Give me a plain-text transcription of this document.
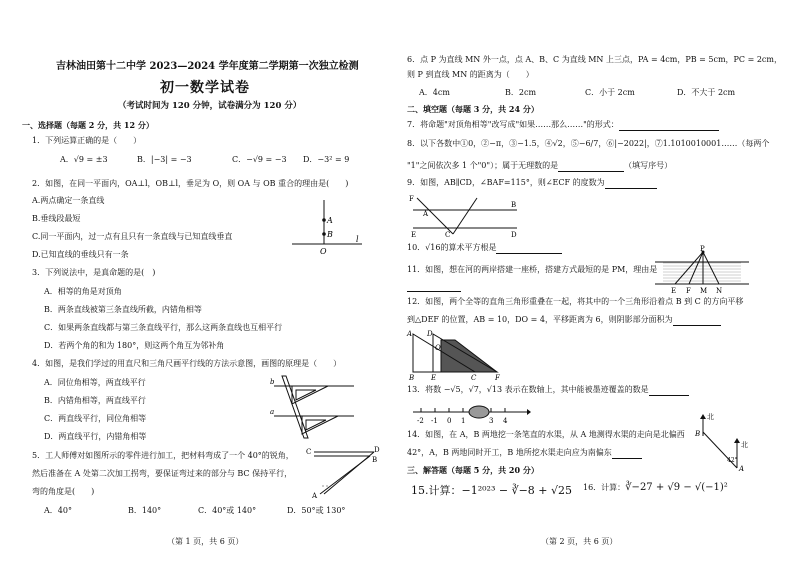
吉林油田第十二中学 2023—2024 学年度第二学期第一次独立检测
初一数学试卷
（考试时间为 120 分钟，试卷满分为 120 分）
一、选择题（每题 2 分，共 12 分）
1．下列运算正确的是（　　）
A．√9 = ±3	B．|−3| = −3	C．−√9 = −3 D．−3² = 9
2．如图，在同一平面内，OA⊥l，OB⊥l，垂足为 O，则 OA 与 OB 重合的理由是(　　)
A.两点确定一条直线
B.垂线段最短
C.同一平面内，过一点有且只有一条直线与已知直线垂直
D.已知直线的垂线只有一条
A
B
O
l
3．下列说法中，是真命题的是(　)
A．相等的角是对顶角
B．两条直线被第三条直线所截，内错角相等
C．如果两条直线都与第三条直线平行，那么这两条直线也互相平行
D．若两个角的和为 180°，则这两个角互为邻补角
4．如图，是我们学过的用直尺和三角尺画平行线的方法示意图，画图的原理是（　　）
A．同位角相等，两直线平行
B．内错角相等，两直线平行
C．两直线平行，同位角相等
D．两直线平行，内错角相等
b
a
5．工人师傅对如图所示的零件进行加工，把材料弯成了一个 40°的锐角，
然后准备在 A 处第二次加工拐弯，要保证弯过来的部分与 BC 保持平行，
弯的角度是(　　)
A．40°	B．140°	C．40°或 140°	D．50°或 130°
C	D
B
A
（第 1 页，共 6 页）
6．点 P 为直线 MN 外一点，点 A、B、C 为直线 MN 上三点，PA = 4cm，PB = 5cm，PC = 2cm，
则 P 到直线 MN 的距离为（　　）
A．4cm	B．2cm	C．小于 2cm	D．不大于 2cm
二、填空题（每题 3 分，共 24 分）
7．将命题"对顶角相等"改写成"如果……那么……"的形式：
8．以下各数中①0，②−π，③−1.5，④√2，⑤−6/7，⑥|−2022|，⑦1.1010010001……（每两个
"1"之间依次多 1 个"0"）；属于无理数的是	（填写序号）
9．如图，AB∥CD，∠BAF=115°，则∠ECF 的度数为
F
A
B
C	D
E
10．√16的算术平方根是
11．如图，想在河的两岸搭建一座桥，搭建方式最短的是 PM，理由是

P
E F M N
12．如图，两个全等的直角三角形重叠在一起，将其中的一个三角形沿着点 B 到 C 的方向平移
到△DEF 的位置，AB = 10，DO = 4，平移距离为 6，则阴影部分面积为
A D
O
B E	C	F
13．将数 −√5，√7，√13 表示在数轴上，其中能被墨迹覆盖的数是
-2 -1 0 1	3 4
14．如图，在 A，B 两地挖一条笔直的水渠，从 A 地测得水渠的走向是北偏西
42°，A，B 两地同时开工，B 地所挖水渠走向应为南偏东
北
北
B
A
42°
三、解答题（每题 5 分，共 20 分）
15.计算：−1²⁰²³ − ∛−8 + √25 16．计算：∛−27 + √9 − √(−1)²
（第 2 页，共 6 页）
